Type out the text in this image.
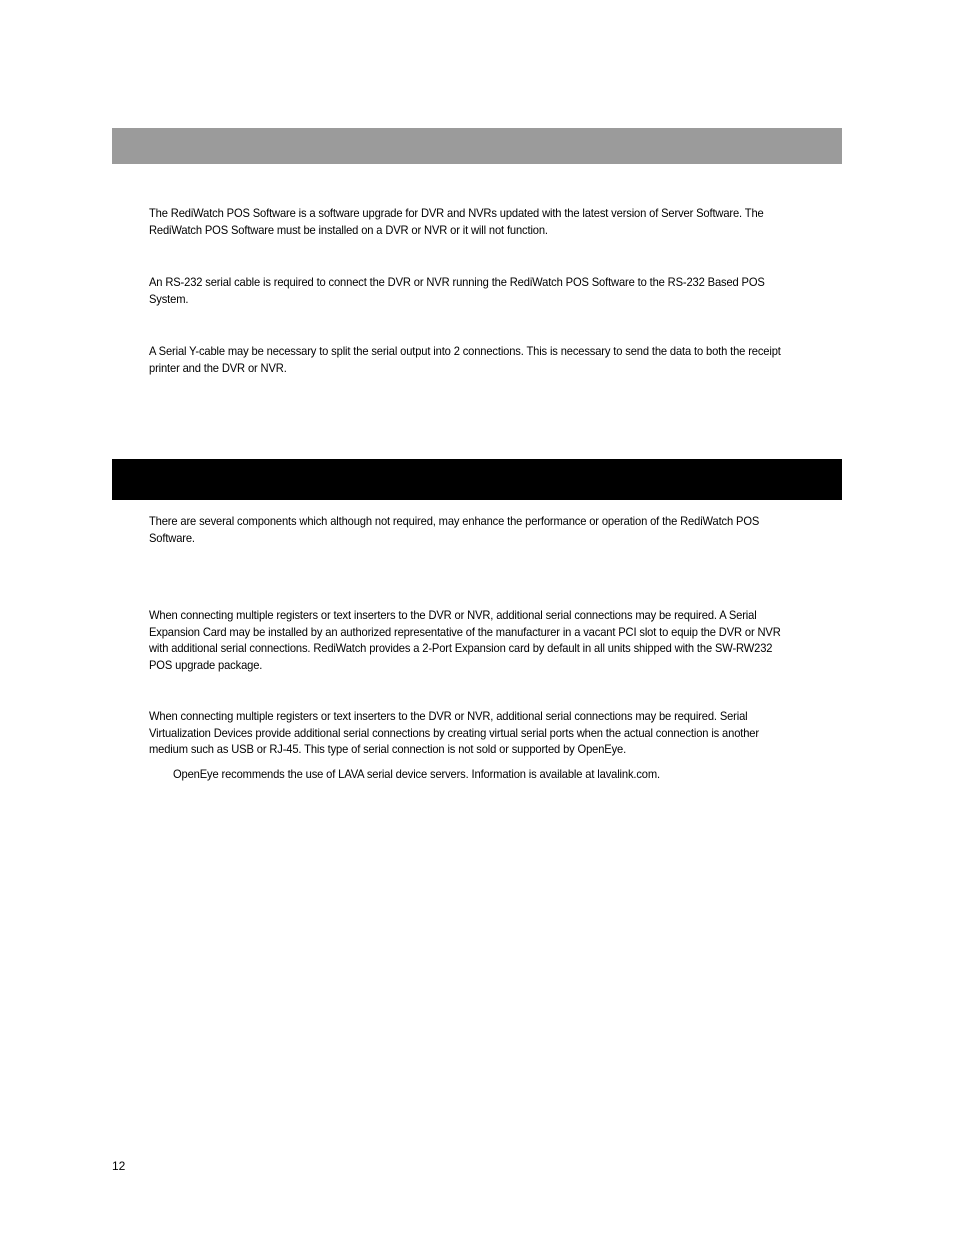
The RediWatch POS Software is a software upgrade for DVR and NVRs updated with the latest version of Server Software. The RediWatch POS Software must be installed on a DVR or NVR or it will not function.

An RS-232 serial cable is required to connect the DVR or NVR running the RediWatch POS Software to the RS-232 Based POS System.

A Serial Y-cable may be necessary to split the serial output into 2 connections. This is necessary to send the data to both the receipt printer and the DVR or NVR.

There are several components which although not required, may enhance the performance or operation of the RediWatch POS Software.

When connecting multiple registers or text inserters to the DVR or NVR, additional serial connections may be required. A Serial Expansion Card may be installed by an authorized representative of the manufacturer in a vacant PCI slot to equip the DVR or NVR with additional serial connections. RediWatch provides a 2-Port Expansion card by default in all units shipped with the SW-RW232 POS upgrade package.

When connecting multiple registers or text inserters to the DVR or NVR, additional serial connections may be required. Serial Virtualization Devices provide additional serial connections by creating virtual serial ports when the actual connection is another medium such as USB or RJ-45. This type of serial connection is not sold or supported by OpenEye.

OpenEye recommends the use of LAVA serial device servers. Information is available at lavalink.com.

12
